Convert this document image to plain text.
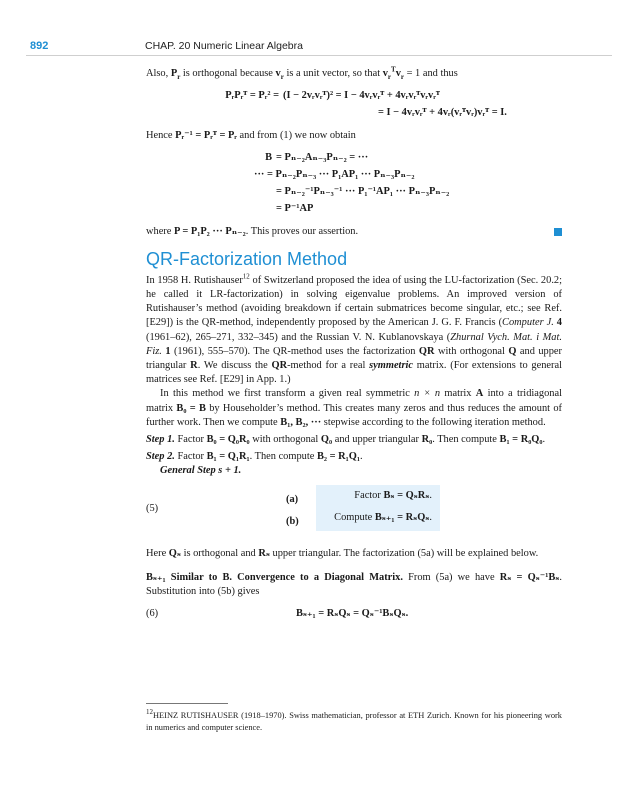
892	CHAP. 20 Numeric Linear Algebra

Also, $P_r$ is orthogonal because $v_r$ is a unit vector, so that $v_r^Tv_r = 1$ and thus

PᵣPᵣᵀ = Pᵣ² = (I − 2vᵣvᵣᵀ)² = I − 4vᵣvᵣᵀ + 4vᵣvᵣᵀvᵣvᵣᵀ
= I − 4vᵣvᵣᵀ + 4vᵣ(vᵣᵀvᵣ)vᵣᵀ = I.

Hence Pᵣ⁻¹ = Pᵣᵀ = Pᵣ and from (1) we now obtain

B = Pₙ₋₂Aₙ₋₃Pₙ₋₂ = ···
··· = Pₙ₋₂Pₙ₋₃ ··· P₁AP₁ ··· Pₙ₋₃Pₙ₋₂
= Pₙ₋₂⁻¹Pₙ₋₃⁻¹ ··· P₁⁻¹AP₁ ··· Pₙ₋₃Pₙ₋₂
= P⁻¹AP

where P = P₁P₂ ··· Pₙ₋₂. This proves our assertion.

QR-Factorization Method

In 1958 H. Rutishauser$^{12}$ of Switzerland proposed the idea of using the LU-factorization (Sec. 20.2; he called it LR-factorization) in solving eigenvalue problems. An improved version of Rutishauser’s method (avoiding breakdown if certain submatrices become singular, etc.; see Ref. [E29]) is the QR-method, independently proposed by the American J. G. F. Francis (Computer J. 4 (1961–62), 265–271, 332–345) and the Russian V. N. Kublanovskaya (Zhurnal Vych. Mat. i Mat. Fiz. 1 (1961), 555–570). The QR-method uses the factorization QR with orthogonal Q and upper triangular R. We discuss the QR-method for a real symmetric matrix. (For extensions to general matrices see Ref. [E29] in App. 1.)

In this method we first transform a given real symmetric n × n matrix A into a tridiagonal matrix B₀ = B by Householder’s method. This creates many zeros and thus reduces the amount of further work. Then we compute B₁, B₂, ··· stepwise according to the following iteration method.

Step 1. Factor B₀ = Q₀R₀ with orthogonal Q₀ and upper triangular R₀. Then compute B₁ = R₀Q₀.

Step 2. Factor B₁ = Q₁R₁. Then compute B₂ = R₁Q₁.

General Step s + 1.

(5)
(a)
(b)
Factor Bₛ = QₛRₛ.
Compute Bₛ₊₁ = RₛQₛ.

Here Qₛ is orthogonal and Rₛ upper triangular. The factorization (5a) will be explained below.

Bₛ₊₁ Similar to B. Convergence to a Diagonal Matrix. From (5a) we have Rₛ = Qₛ⁻¹Bₛ. Substitution into (5b) gives

(6)	Bₛ₊₁ = RₛQₛ = Qₛ⁻¹BₛQₛ.
$^{12}$HEINZ RUTISHAUSER (1918–1970). Swiss mathematician, professor at ETH Zurich. Known for his pioneering work in numerics and computer science.
